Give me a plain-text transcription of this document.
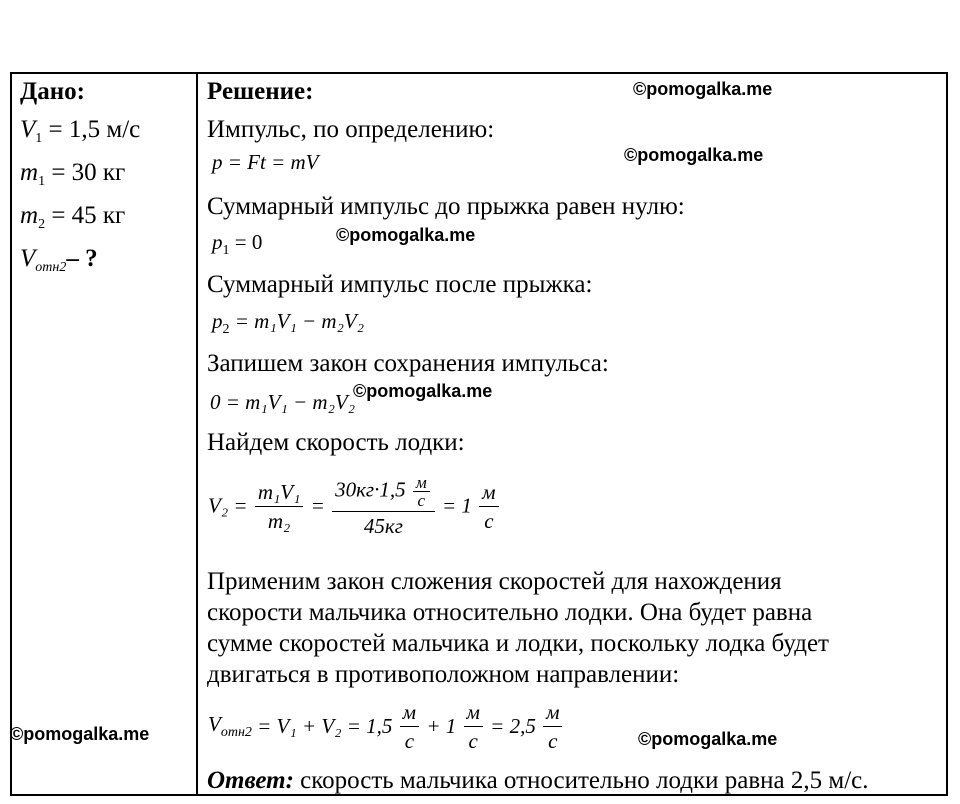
Дано:
$V_1 = 1,5$ м/с
$m_1 = 30$ кг
$m_2 = 45$ кг
$V_{отн2}-$ ?
Решение:
Импульс, по определению:
p = Ft = mV
Суммарный импульс до прыжка равен нулю:
$p_1 = 0$
Суммарный импульс после прыжка:
$p_2 = m_1V_1 - m_2V_2$
Запишем закон сохранения импульса:
0 = m₁V₁ − m₂V₂
Найдем скорость лодки:
$V_2 = \frac{\text{m₁V₁}}{\text{m₂}} = \frac{30кг\cdot 1,5 \frac{м}{с}}{45кг} = 1 \frac{м}{с}$
Применим закон сложения скоростей для нахождения
скорости мальчика относительно лодки. Она будет равна
сумме скоростей мальчика и лодки, поскольку лодка будет
двигаться в противоположном направлении:
$V_{отн2} = V_1 + V_2 = 1,5 \frac{м}{с} + 1 \frac{м}{с} = 2,5 \frac{м}{с}$
Ответ: скорость мальчика относительно лодки равна 2,5 м/с.
©pomogalka.me
©pomogalka.me
©pomogalka.me
©pomogalka.me
©pomogalka.me	©pomogalka.me
